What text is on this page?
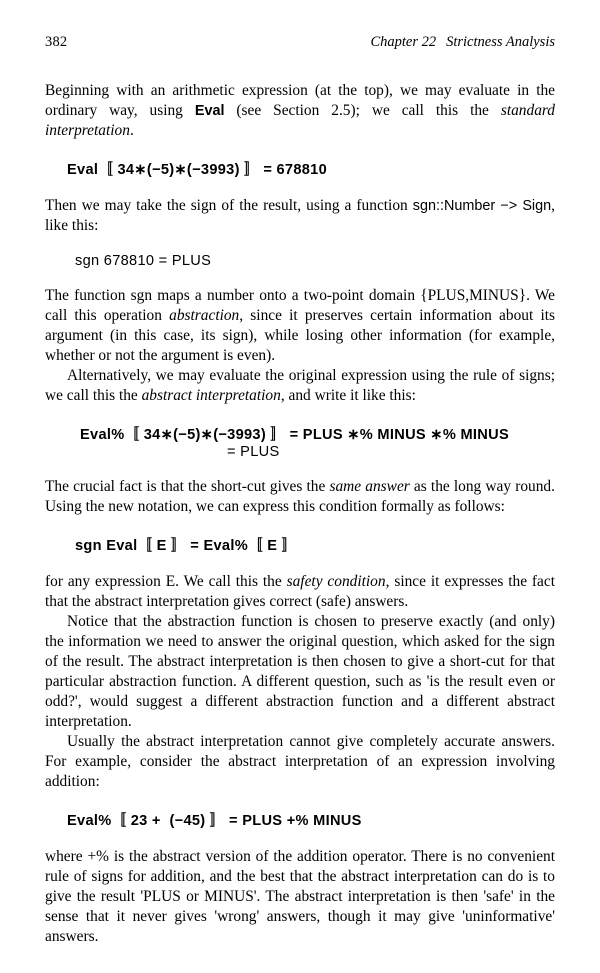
382	Chapter 22 Strictness Analysis

Beginning with an arithmetic expression (at the top), we may evaluate in the ordinary way, using Eval (see Section 2.5); we call this the standard interpretation.

Eval〚 34∗(−5)∗(−3993) 〛 = 678810

Then we may take the sign of the result, using a function sgn::Number −> Sign, like this:

sgn 678810 = PLUS

The function sgn maps a number onto a two-point domain {PLUS,MINUS}. We call this operation abstraction, since it preserves certain information about its argument (in this case, its sign), while losing other information (for example, whether or not the argument is even).

Alternatively, we may evaluate the original expression using the rule of signs; we call this the abstract interpretation, and write it like this:

Eval%〚 34∗(−5)∗(−3993) 〛 = PLUS ∗% MINUS ∗% MINUS
= PLUS

The crucial fact is that the short-cut gives the same answer as the long way round. Using the new notation, we can express this condition formally as follows:

sgn Eval〚 E 〛 = Eval%〚 E 〛

for any expression E. We call this the safety condition, since it expresses the fact that the abstract interpretation gives correct (safe) answers.

Notice that the abstraction function is chosen to preserve exactly (and only) the information we need to answer the original question, which asked for the sign of the result. The abstract interpretation is then chosen to give a short-cut for that particular abstraction function. A different question, such as 'is the result even or odd?', would suggest a different abstraction function and a different abstract interpretation.

Usually the abstract interpretation cannot give completely accurate answers. For example, consider the abstract interpretation of an expression involving addition:

Eval%〚 23 +  (−45) 〛 = PLUS +% MINUS

where +% is the abstract version of the addition operator. There is no convenient rule of signs for addition, and the best that the abstract interpretation can do is to give the result 'PLUS or MINUS'. The abstract interpretation is then 'safe' in the sense that it never gives 'wrong' answers, though it may give 'uninformative' answers.
